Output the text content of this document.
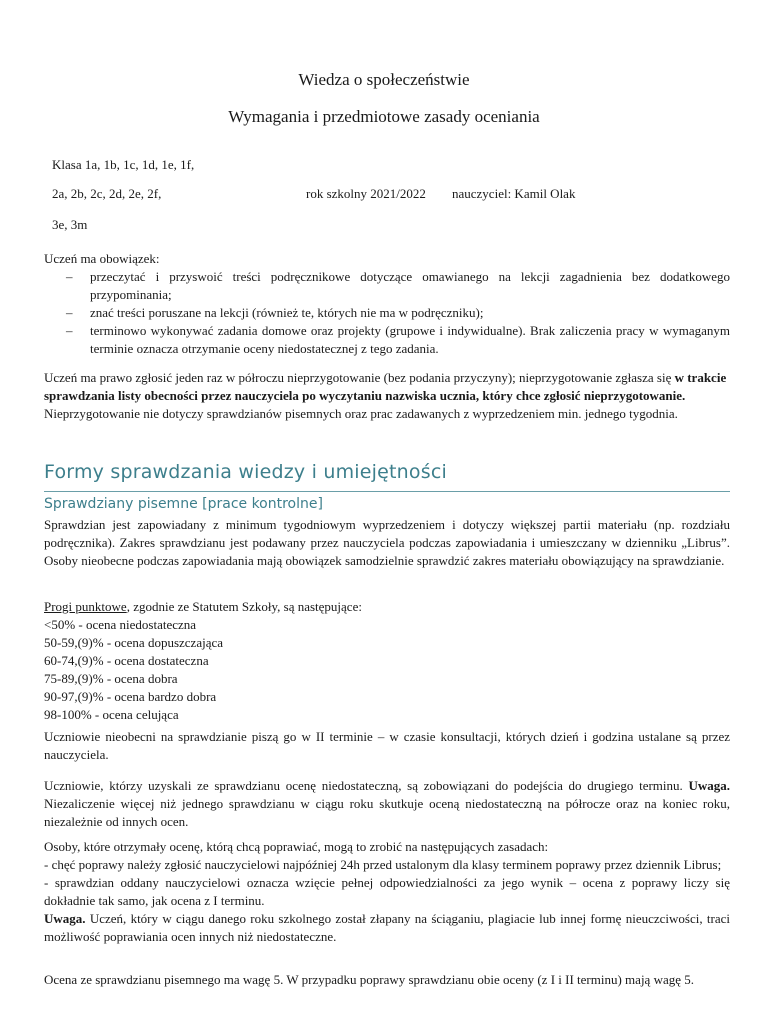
Wiedza o społeczeństwie
Wymagania i przedmiotowe zasady oceniania
Klasa 1a, 1b, 1c, 1d, 1e, 1f,
2a, 2b, 2c, 2d, 2e, 2f,	rok szkolny 2021/2022 nauczyciel: Kamil Olak
3e, 3m

Uczeń ma obowiązek:

– przeczytać i przyswoić treści podręcznikowe dotyczące omawianego na lekcji zagadnienia bez dodatkowego przypominania;
– znać treści poruszane na lekcji (również te, których nie ma w podręczniku);
– terminowo wykonywać zadania domowe oraz projekty (grupowe i indywidualne). Brak zaliczenia pracy w wymaganym terminie oznacza otrzymanie oceny niedostatecznej z tego zadania.
Uczeń ma prawo zgłosić jeden raz w półroczu nieprzygotowanie (bez podania przyczyny); nieprzygotowanie zgłasza się w trakcie sprawdzania listy obecności przez nauczyciela po wyczytaniu nazwiska ucznia, który chce zgłosić nieprzygotowanie. Nieprzygotowanie nie dotyczy sprawdzianów pisemnych oraz prac zadawanych z wyprzedzeniem min. jednego tygodnia.
Formy sprawdzania wiedzy i umiejętności
Sprawdziany pisemne [prace kontrolne]
Sprawdzian jest zapowiadany z minimum tygodniowym wyprzedzeniem i dotyczy większej partii materiału (np. rozdziału podręcznika). Zakres sprawdzianu jest podawany przez nauczyciela podczas zapowiadania i umieszczany w dzienniku „Librus”. Osoby nieobecne podczas zapowiadania mają obowiązek samodzielnie sprawdzić zakres materiału obowiązujący na sprawdzianie.

Progi punktowe, zgodnie ze Statutem Szkoły, są następujące:

<50% - ocena niedostateczna

50-59,(9)% - ocena dopuszczająca

60-74,(9)% - ocena dostateczna

75-89,(9)% - ocena dobra

90-97,(9)% - ocena bardzo dobra

98-100% - ocena celująca

Uczniowie nieobecni na sprawdzianie piszą go w II terminie – w czasie konsultacji, których dzień i godzina ustalane są przez nauczyciela.
Uczniowie, którzy uzyskali ze sprawdzianu ocenę niedostateczną, są zobowiązani do podejścia do drugiego terminu. Uwaga. Niezaliczenie więcej niż jednego sprawdzianu w ciągu roku skutkuje oceną niedostateczną na półrocze oraz na koniec roku, niezależnie od innych ocen.

Osoby, które otrzymały ocenę, którą chcą poprawiać, mogą to zrobić na następujących zasadach:

- chęć poprawy należy zgłosić nauczycielowi najpóźniej 24h przed ustalonym dla klasy terminem poprawy przez dziennik Librus;

- sprawdzian oddany nauczycielowi oznacza wzięcie pełnej odpowiedzialności za jego wynik – ocena z poprawy liczy się dokładnie tak samo, jak ocena z I terminu.

Uwaga. Uczeń, który w ciągu danego roku szkolnego został złapany na ściąganiu, plagiacie lub innej formę nieuczciwości, traci możliwość poprawiania ocen innych niż niedostateczne.

Ocena ze sprawdzianu pisemnego ma wagę 5. W przypadku poprawy sprawdzianu obie oceny (z I i II terminu) mają wagę 5.
